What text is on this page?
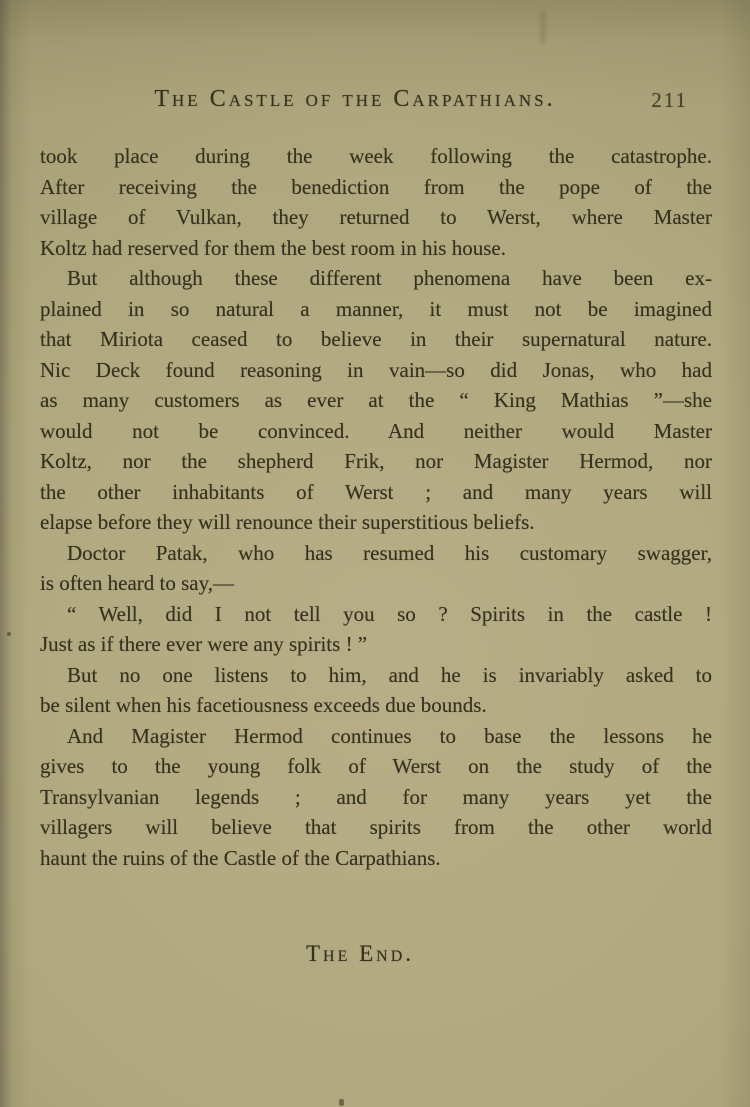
The Castle of the Carpathians.	211
took place during the week following the catastrophe.
After receiving the benediction from the pope of the
village of Vulkan, they returned to Werst, where Master
Koltz had reserved for them the best room in his house.
But although these different phenomena have been ex-
plained in so natural a manner, it must not be imagined
that Miriota ceased to believe in their supernatural nature.
Nic Deck found reasoning in vain—so did Jonas, who had
as many customers as ever at the “ King Mathias ”—she
would not be convinced. And neither would Master
Koltz, nor the shepherd Frik, nor Magister Hermod, nor
the other inhabitants of Werst ; and many years will
elapse before they will renounce their superstitious beliefs.
Doctor Patak, who has resumed his customary swagger,
is often heard to say,—
“ Well, did I not tell you so ? Spirits in the castle !
Just as if there ever were any spirits ! ”
But no one listens to him, and he is invariably asked to
be silent when his facetiousness exceeds due bounds.
And Magister Hermod continues to base the lessons he
gives to the young folk of Werst on the study of the
Transylvanian legends ; and for many years yet the
villagers will believe that spirits from the other world
haunt the ruins of the Castle of the Carpathians.
The End.
